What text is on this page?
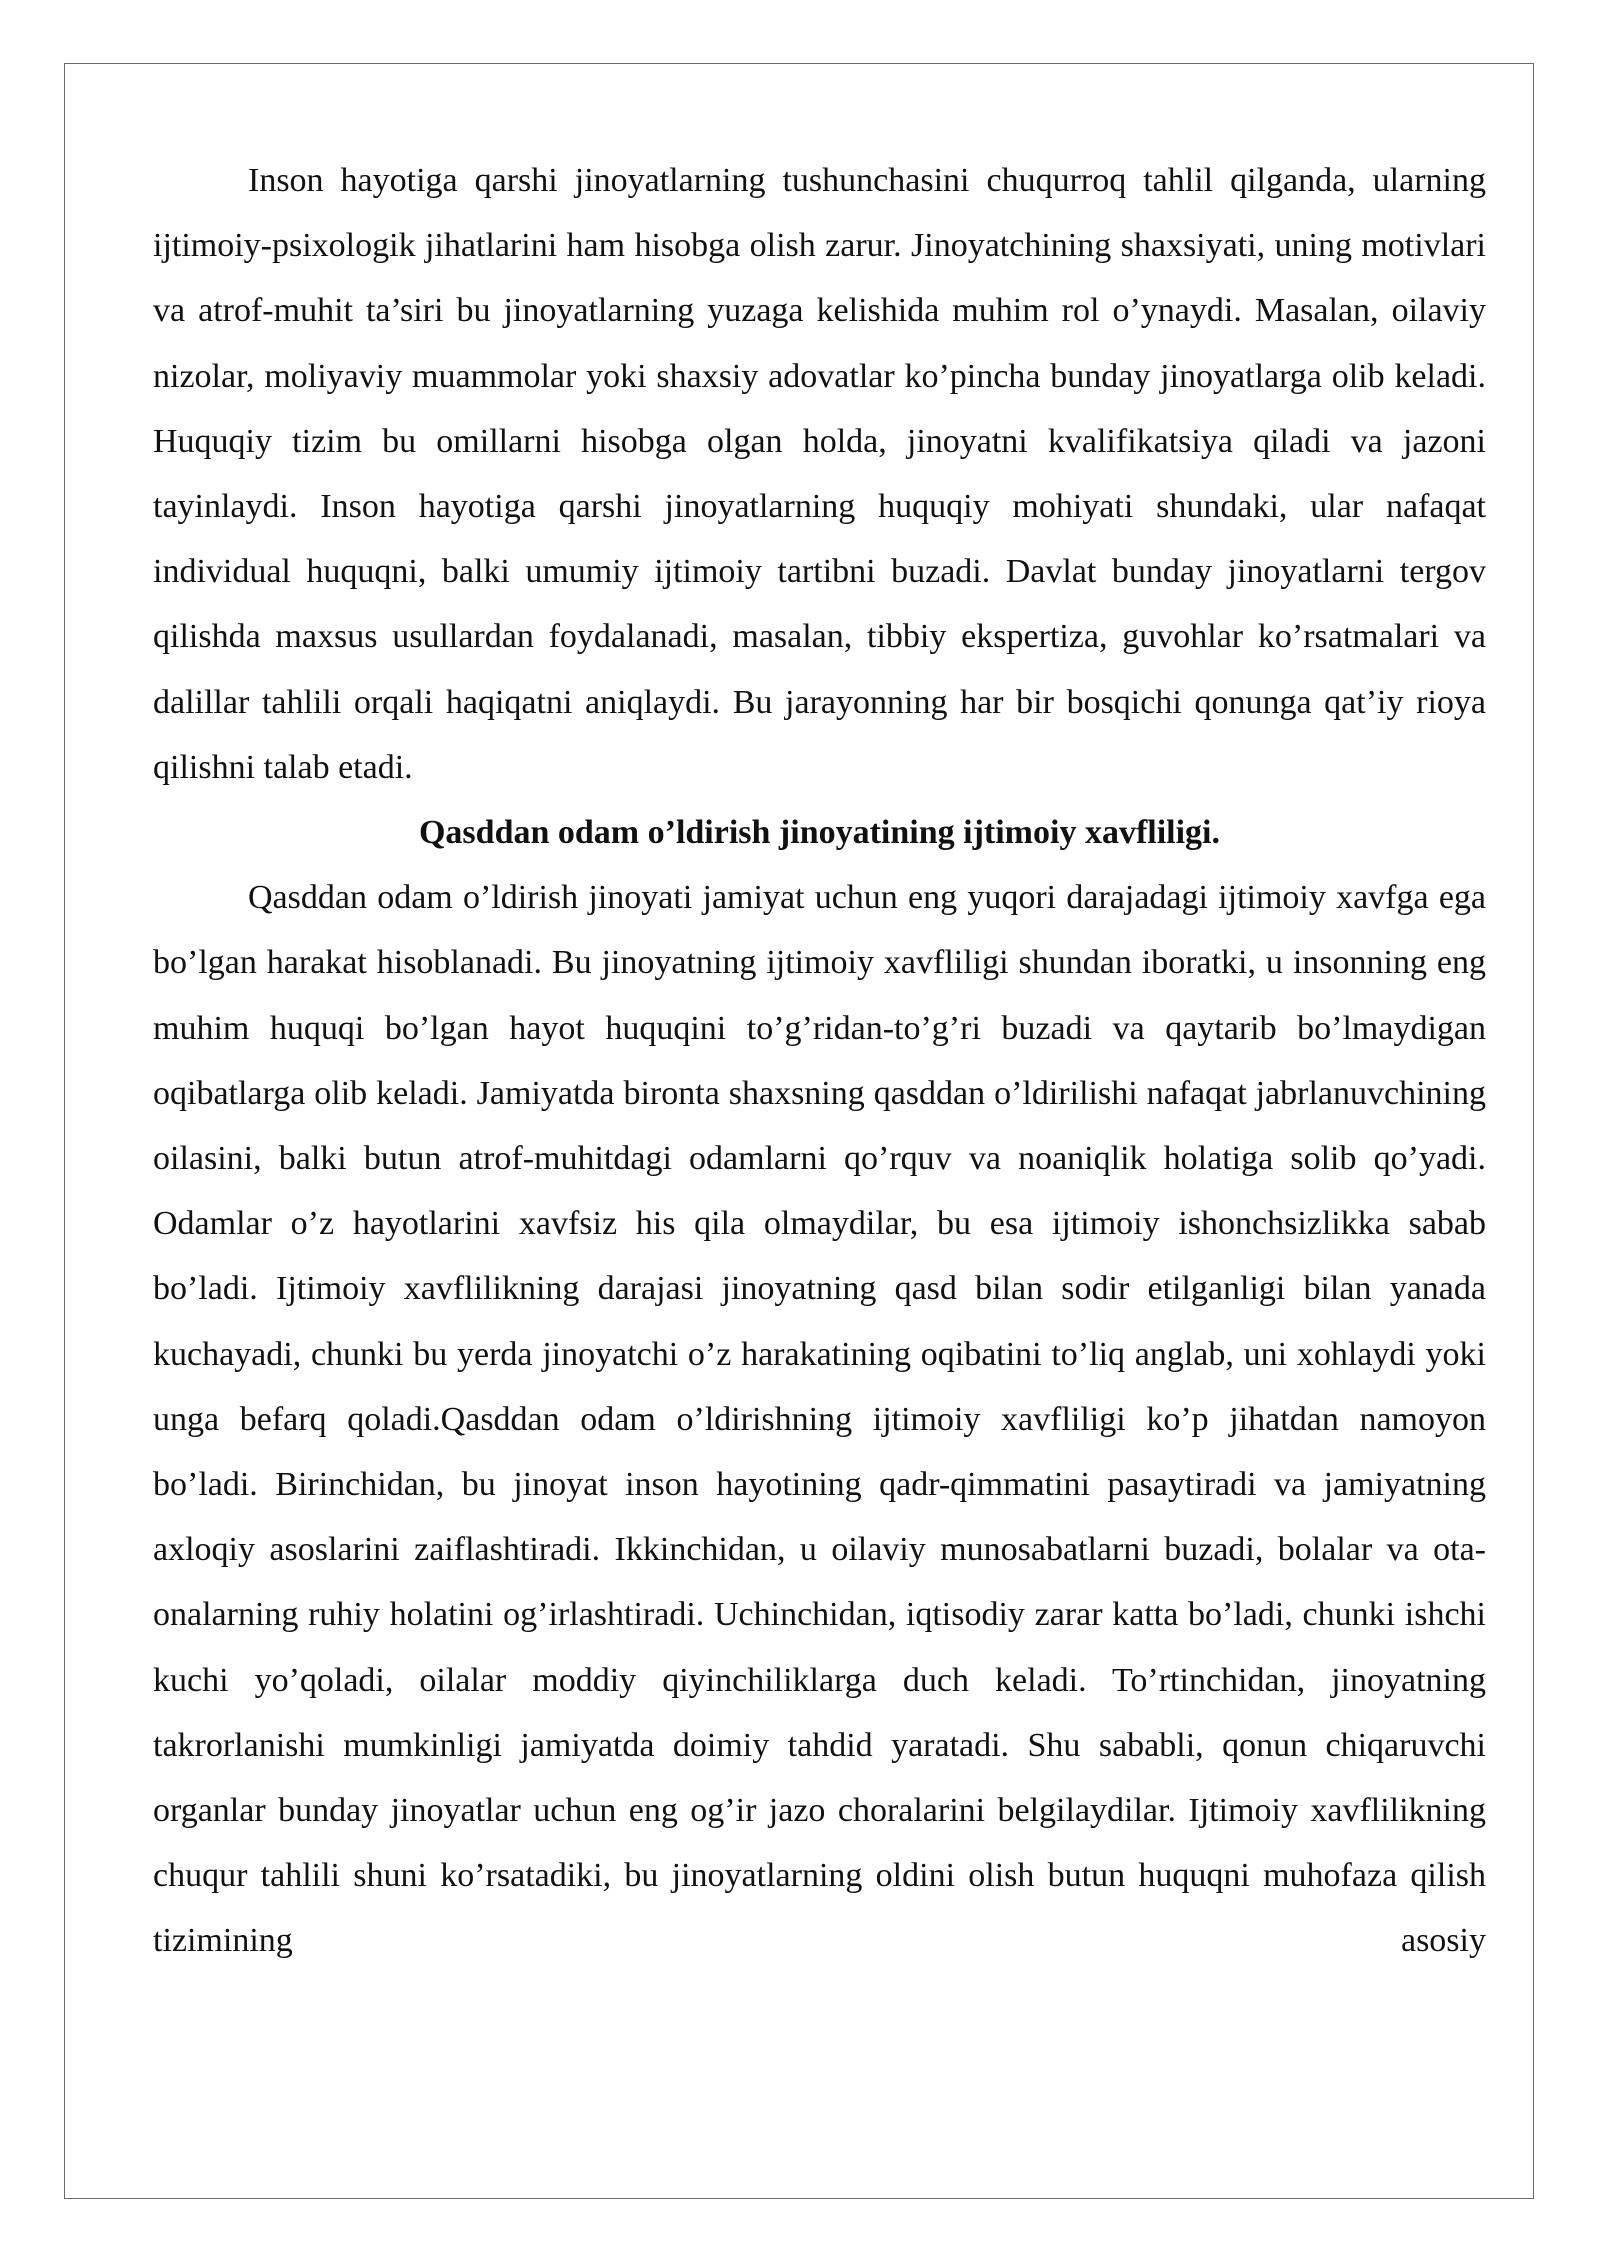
Inson hayotiga qarshi jinoyatlarning tushunchasini chuqurroq tahlil qilganda, ularning ijtimoiy-psixologik jihatlarini ham hisobga olish zarur. Jinoyatchining shaxsiyati, uning motivlari va atrof-muhit ta’siri bu jinoyatlarning yuzaga kelishida muhim rol o’ynaydi. Masalan, oilaviy nizolar, moliyaviy muammolar yoki shaxsiy adovatlar ko’pincha bunday jinoyatlarga olib keladi. Huquqiy tizim bu omillarni hisobga olgan holda, jinoyatni kvalifikatsiya qiladi va jazoni tayinlaydi. Inson hayotiga qarshi jinoyatlarning huquqiy mohiyati shundaki, ular nafaqat individual huquqni, balki umumiy ijtimoiy tartibni buzadi. Davlat bunday jinoyatlarni tergov qilishda maxsus usullardan foydalanadi, masalan, tibbiy ekspertiza, guvohlar ko’rsatmalari va dalillar tahlili orqali haqiqatni aniqlaydi. Bu jarayonning har bir bosqichi qonunga qat’iy rioya qilishni talab etadi.

Qasddan odam o’ldirish jinoyatining ijtimoiy xavfliligi.

Qasddan odam o’ldirish jinoyati jamiyat uchun eng yuqori darajadagi ijtimoiy xavfga ega bo’lgan harakat hisoblanadi. Bu jinoyatning ijtimoiy xavfliligi shundan iboratki, u insonning eng muhim huquqi bo’lgan hayot huquqini to’g’ridan-to’g’ri buzadi va qaytarib bo’lmaydigan oqibatlarga olib keladi. Jamiyatda bironta shaxsning qasddan o’ldirilishi nafaqat jabrlanuvchining oilasini, balki butun atrof-muhitdagi odamlarni qo’rquv va noaniqlik holatiga solib qo’yadi. Odamlar o’z hayotlarini xavfsiz his qila olmaydilar, bu esa ijtimoiy ishonchsizlikka sabab bo’ladi. Ijtimoiy xavflilikning darajasi jinoyatning qasd bilan sodir etilganligi bilan yanada kuchayadi, chunki bu yerda jinoyatchi o’z harakatining oqibatini to’liq anglab, uni xohlaydi yoki unga befarq qoladi.Qasddan odam o’ldirishning ijtimoiy xavfliligi ko’p jihatdan namoyon bo’ladi. Birinchidan, bu jinoyat inson hayotining qadr-qimmatini pasaytiradi va jamiyatning axloqiy asoslarini zaiflashtiradi. Ikkinchidan, u oilaviy munosabatlarni buzadi, bolalar va ota-onalarning ruhiy holatini og’irlashtiradi. Uchinchidan, iqtisodiy zarar katta bo’ladi, chunki ishchi kuchi yo’qoladi, oilalar moddiy qiyinchiliklarga duch keladi. To’rtinchidan, jinoyatning takrorlanishi mumkinligi jamiyatda doimiy tahdid yaratadi. Shu sababli, qonun chiqaruvchi organlar bunday jinoyatlar uchun eng og’ir jazo choralarini belgilaydilar. Ijtimoiy xavflilikning chuqur tahlili shuni ko’rsatadiki, bu jinoyatlarning oldini olish butun huquqni muhofaza qilish tizimining asosiy
